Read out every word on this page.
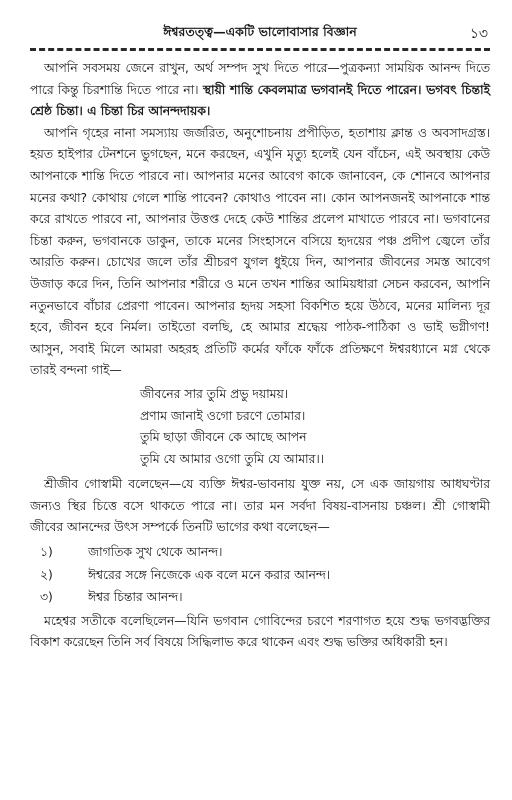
ঈশ্বরতত্ত্ব—একটি ভালোবাসার বিজ্ঞান	১৩

আপনি সবসময় জেনে রাখুন, অর্থ সম্পদ সুখ দিতে পারে—পুত্রকন্যা সাময়িক আনন্দ দিতে পারে কিন্তু চিরশান্তি দিতে পারে না। স্থায়ী শান্তি কেবলমাত্র ভগবানই দিতে পারেন। ভগবৎ চিন্তাই শ্রেষ্ঠ চিন্তা। এ চিন্তা চির আনন্দদায়ক।

আপনি গৃহের নানা সমস্যায় জর্জরিত, অনুশোচনায় প্রপীড়িত, হতাশায় ক্লান্ত ও অবসাদগ্রস্ত। হয়ত হাইপার টেনশনে ভুগছেন, মনে করছেন, এখুনি মৃত্যু হলেই যেন বাঁচেন, এই অবস্থায় কেউ আপনাকে শান্তি দিতে পারবে না। আপনার মনের আবেগ কাকে জানাবেন, কে শোনবে আপনার মনের কথা? কোথায় গেলে শান্তি পাবেন? কোথাও পাবেন না। কোন আপনজনই আপনাকে শান্ত করে রাখতে পারবে না, আপনার উত্তপ্ত দেহে কেউ শান্তির প্রলেপ মাখাতে পারবে না। ভগবানের চিন্তা করুন, ভগবানকে ডাকুন, তাকে মনের সিংহাসনে বসিয়ে হৃদয়ের পঞ্চ প্রদীপ জ্বেলে তাঁর আরতি করুন। চোখের জলে তাঁর শ্রীচরণ যুগল ধুইয়ে দিন, আপনার জীবনের সমস্ত আবেগ উজাড় করে দিন, তিনি আপনার শরীরে ও মনে তখন শান্তির আমিয়ধারা সেচন করবেন, আপনি নতুনভাবে বাঁচার প্রেরণা পাবেন। আপনার হৃদয় সহসা বিকশিত হয়ে উঠবে, মনের মালিন্য দূর হবে, জীবন হবে নির্মল। তাইতো বলছি, হে আমার শ্রদ্ধেয় পাঠক-পাঠিকা ও ভাই ভগ্নীগণ! আসুন, সবাই মিলে আমরা অহরহ প্রতিটি কর্মের ফাঁকে ফাঁকে প্রতিক্ষণে ঈশ্বরধ্যানে মগ্ন থেকে তারই বন্দনা গাই—

জীবনের সার তুমি প্রভু দয়াময়।
প্রণাম জানাই ওগো চরণে তোমার।
তুমি ছাড়া জীবনে কে আছে আপন
তুমি যে আমার ওগো তুমি যে আমার।।

শ্রীজীব গোস্বামী বলেছেন—যে ব্যক্তি ঈশ্বর-ভাবনায় যুক্ত নয়, সে এক জায়গায় আধঘণ্টার জন্যও স্থির চিত্তে বসে থাকতে পারে না। তার মন সর্বদা বিষয়-বাসনায় চঞ্চল। শ্রী গোস্বামী জীবের আনন্দের উৎস সম্পর্কে তিনটি ভাগের কথা বলেছেন—

১)	জাগতিক সুখ থেকে আনন্দ।
২)	ঈশ্বরের সঙ্গে নিজেকে এক বলে মনে করার আনন্দ।
৩)	ঈশ্বর চিন্তার আনন্দ।

মহেশ্বর সতীকে বলেছিলেন—যিনি ভগবান গোবিন্দের চরণে শরণাগত হয়ে শুদ্ধ ভগবদ্ভক্তির বিকাশ করেছেন তিনি সর্ব বিষয়ে সিদ্ধিলাভ করে থাকেন এবং শুদ্ধ ভক্তির অধিকারী হন।
